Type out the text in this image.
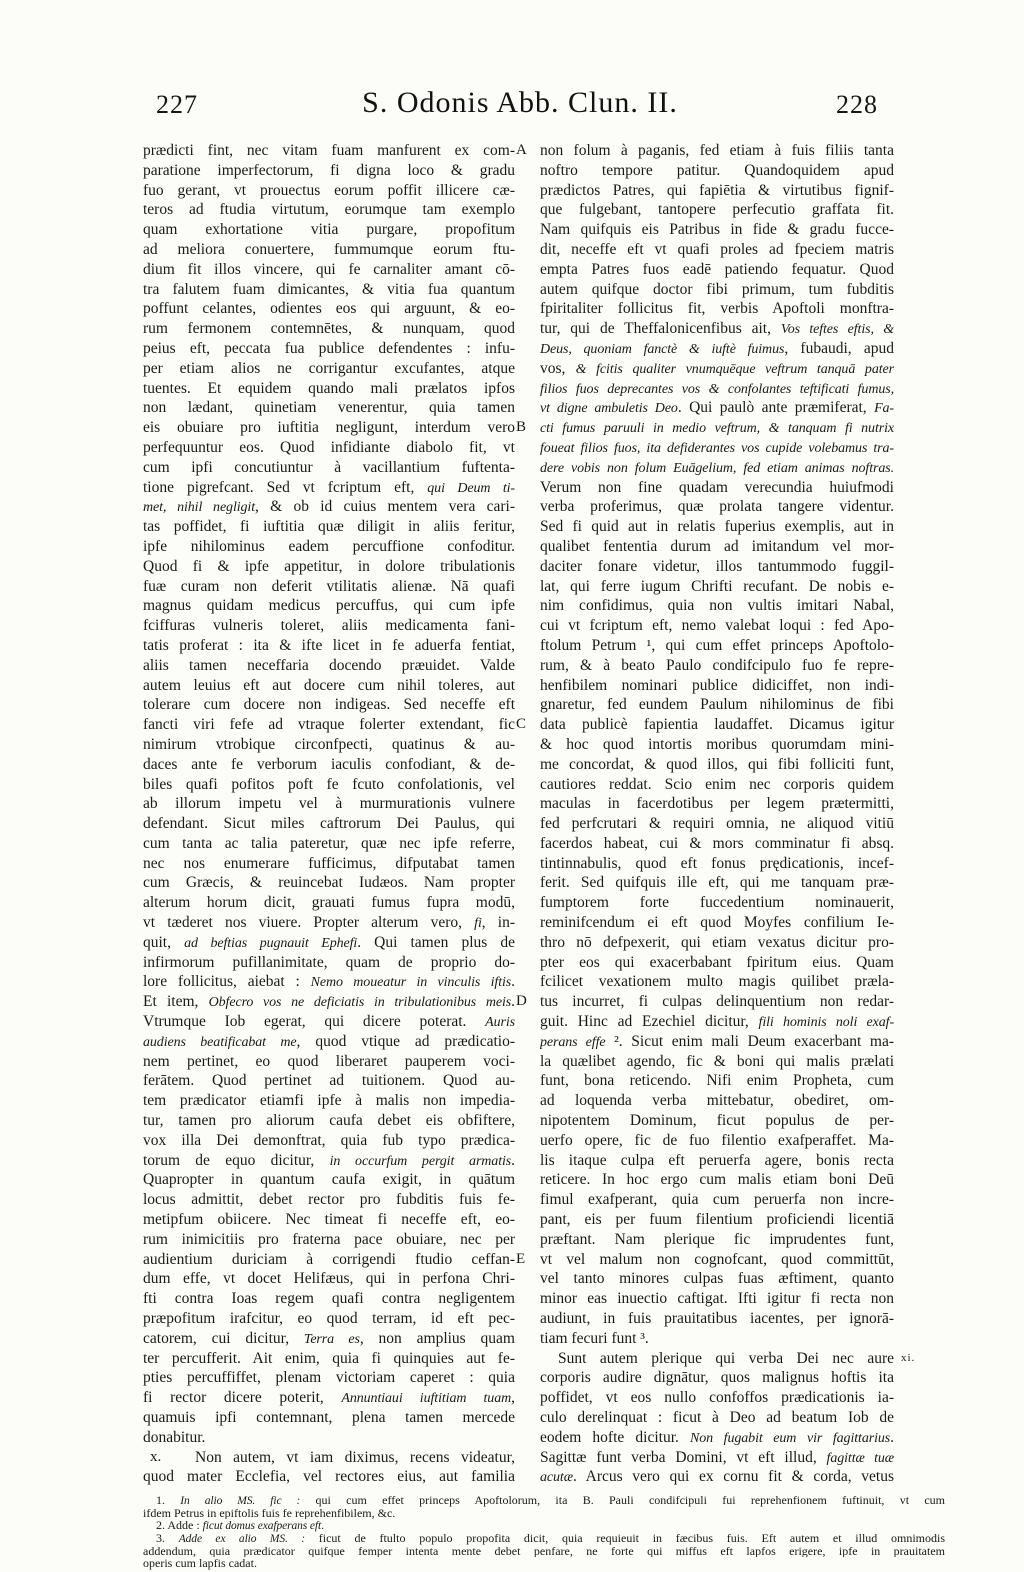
227	S. Odonis Abb. Clun. II.	228
prædicti fint, nec vitam fuam manfurent ex com-
paratione imperfectorum, fi digna loco & gradu
fuo gerant, vt prouectus eorum poffit illicere cæ-
teros ad ftudia virtutum, eorumque tam exemplo
quam exhortatione vitia purgare, propofitum
ad meliora conuertere, fummumque eorum ftu-
dium fit illos vincere, qui fe carnaliter amant cō-
tra falutem fuam dimicantes, & vitia fua quantum
poffunt celantes, odientes eos qui arguunt, & eo-
rum fermonem contemnētes, & nunquam, quod
peius eft, peccata fua publice defendentes : infu-
per etiam alios ne corrigantur excufantes, atque
tuentes. Et equidem quando mali prælatos ipfos
non lædant, quinetiam venerentur, quia tamen
eis obuiare pro iuftitia negligunt, interdum vero
perfequuntur eos. Quod infidiante diabolo fit, vt
cum ipfi concutiuntur à vacillantium fuftenta-
tione pigrefcant. Sed vt fcriptum eft, qui Deum ti-
met, nihil negligit, & ob id cuius mentem vera cari-
tas poffidet, fi iuftitia quæ diligit in aliis feritur,
ipfe nihilominus eadem percuffione confoditur.
Quod fi & ipfe appetitur, in dolore tribulationis
fuæ curam non deferit vtilitatis alienæ. Nā quafi
magnus quidam medicus percuffus, qui cum ipfe
fciffuras vulneris toleret, aliis medicamenta fani-
tatis proferat : ita & ifte licet in fe aduerfa fentiat,
aliis tamen neceffaria docendo præuidet. Valde
autem leuius eft aut docere cum nihil toleres, aut
tolerare cum docere non indigeas. Sed neceffe eft
fancti viri fefe ad vtraque folerter extendant, fic
nimirum vtrobique circonfpecti, quatinus & au-
daces ante fe verborum iaculis confodiant, & de-
biles quafi pofitos poft fe fcuto confolationis, vel
ab illorum impetu vel à murmurationis vulnere
defendant. Sicut miles caftrorum Dei Paulus, qui
cum tanta ac talia pateretur, quæ nec ipfe referre,
nec nos enumerare fufficimus, difputabat tamen
cum Græcis, & reuincebat Iudæos. Nam propter
alterum horum dicit, grauati fumus fupra modū,
vt tæderet nos viuere. Propter alterum vero, fi, in-
quit, ad beftias pugnauit Ephefi. Qui tamen plus de
infirmorum pufillanimitate, quam de proprio do-
lore follicitus, aiebat : Nemo moueatur in vinculis iftis.
Et item, Obfecro vos ne deficiatis in tribulationibus meis.
Vtrumque Iob egerat, qui dicere poterat. Auris
audiens beatificabat me, quod vtique ad prædicatio-
nem pertinet, eo quod liberaret pauperem voci-
ferātem. Quod pertinet ad tuitionem. Quod au-
tem prædicator etiamfi ipfe à malis non impedia-
tur, tamen pro aliorum caufa debet eis obfiftere,
vox illa Dei demonftrat, quia fub typo prædica-
torum de equo dicitur, in occurfum pergit armatis.
Quapropter in quantum caufa exigit, in quātum
locus admittit, debet rector pro fubditis fuis fe-
metipfum obiicere. Nec timeat fi neceffe eft, eo-
rum inimicitiis pro fraterna pace obuiare, nec per
audientium duriciam à corrigendi ftudio ceffan-
dum effe, vt docet Helifæus, qui in perfona Chri-
fti contra Ioas regem quafi contra negligentem
præpofitum irafcitur, eo quod terram, id eft pec-
catorem, cui dicitur, Terra es, non amplius quam
ter percufferit. Ait enim, quia fi quinquies aut fe-
pties percuffiffet, plenam victoriam caperet : quia
fi rector dicere poterit, Annuntiaui iuftitiam tuam,
quamuis ipfi contemnant, plena tamen mercede
donabitur.
Non autem, vt iam diximus, recens videatur,
quod mater Ecclefia, vel rectores eius, aut familia
non folum à paganis, fed etiam à fuis filiis tanta
noftro tempore patitur. Quandoquidem apud
prædictos Patres, qui fapiētia & virtutibus fignif-
que fulgebant, tantopere perfecutio graffata fit.
Nam quifquis eis Patribus in fide & gradu fucce-
dit, neceffe eft vt quafi proles ad fpeciem matris
empta Patres fuos eadē patiendo fequatur. Quod
autem quifque doctor fibi primum, tum fubditis
fpiritaliter follicitus fit, verbis Apoftoli monftra-
tur, qui de Theffalonicenfibus ait, Vos teftes eftis, &
Deus, quoniam fanctè & iuftè fuimus, fubaudi, apud
vos, & fcitis qualiter vnumquēque veftrum tanquā pater
filios fuos deprecantes vos & confolantes teftificati fumus,
vt digne ambuletis Deo. Qui paulò ante præmiferat, Fa-
cti fumus paruuli in medio veftrum, & tanquam fi nutrix
foueat filios fuos, ita defiderantes vos cupide volebamus tra-
dere vobis non folum Euāgelium, fed etiam animas noftras.
Verum non fine quadam verecundia huiufmodi
verba proferimus, quæ prolata tangere videntur.
Sed fi quid aut in relatis fuperius exemplis, aut in
qualibet fententia durum ad imitandum vel mor-
daciter fonare videtur, illos tantummodo fuggil-
lat, qui ferre iugum Chrifti recufant. De nobis e-
nim confidimus, quia non vultis imitari Nabal,
cui vt fcriptum eft, nemo valebat loqui : fed Apo-
ftolum Petrum ¹, qui cum effet princeps Apoftolo-
rum, & à beato Paulo condifcipulo fuo fe repre-
henfibilem nominari publice didiciffet, non indi-
gnaretur, fed eundem Paulum nihilominus de fibi
data publicè fapientia laudaffet. Dicamus igitur
& hoc quod intortis moribus quorumdam mini-
me concordat, & quod illos, qui fibi folliciti funt,
cautiores reddat. Scio enim nec corporis quidem
maculas in facerdotibus per legem prætermitti,
fed perfcrutari & requiri omnia, ne aliquod vitiū
facerdos habeat, cui & mors comminatur fi absq.
tintinnabulis, quod eft fonus prędicationis, incef-
ferit. Sed quifquis ille eft, qui me tanquam præ-
fumptorem forte fuccedentium nominauerit,
reminifcendum ei eft quod Moyfes confilium Ie-
thro nō defpexerit, qui etiam vexatus dicitur pro-
pter eos qui exacerbabant fpiritum eius. Quam
fcilicet vexationem multo magis quilibet præla-
tus incurret, fi culpas delinquentium non redar-
guit. Hinc ad Ezechiel dicitur, fili hominis noli exaf-
perans effe ². Sicut enim mali Deum exacerbant ma-
la quælibet agendo, fic & boni qui malis prælati
funt, bona reticendo. Nifi enim Propheta, cum
ad loquenda verba mittebatur, obediret, om-
nipotentem Dominum, ficut populus de per-
uerfo opere, fic de fuo filentio exafperaffet. Ma-
lis itaque culpa eft peruerfa agere, bonis recta
reticere. In hoc ergo cum malis etiam boni Deū
fimul exafperant, quia cum peruerfa non incre-
pant, eis per fuum filentium proficiendi licentiā
præftant. Nam plerique fic imprudentes funt,
vt vel malum non cognofcant, quod committūt,
vel tanto minores culpas fuas æftiment, quanto
minor eas inuectio caftigat. Ifti igitur fi recta non
audiunt, in fuis prauitatibus iacentes, per ignorā-
tiam fecuri funt ³.
Sunt autem plerique qui verba Dei nec aure
corporis audire dignātur, quos malignus hoftis ita
poffidet, vt eos nullo confoffos prædicationis ia-
culo derelinquat : ficut à Deo ad beatum Iob de
eodem hofte dicitur. Non fugabit eum vir fagittarius.
Sagittæ funt verba Domini, vt eft illud, fagittæ tuæ
acutæ. Arcus vero qui ex cornu fit & corda, vetus
A
B
C
D
E
x.
xi.
1. In alio MS. fic : qui cum effet princeps Apoftolorum, ita B. Pauli condifcipuli fui reprehenfionem fuftinuit, vt cum
ifdem Petrus in epiftolis fuis fe reprehenfibilem, &c.
2. Adde : ficut domus exafperans eft.
3. Adde ex alio MS. : ficut de ftulto populo propofita dicit, quia requieuit in fæcibus fuis. Eft autem et illud omnimodis
addendum, quia prædicator quifque femper intenta mente debet penfare, ne forte qui miffus eft lapfos erigere, ipfe in prauitatem
operis cum lapfis cadat.
